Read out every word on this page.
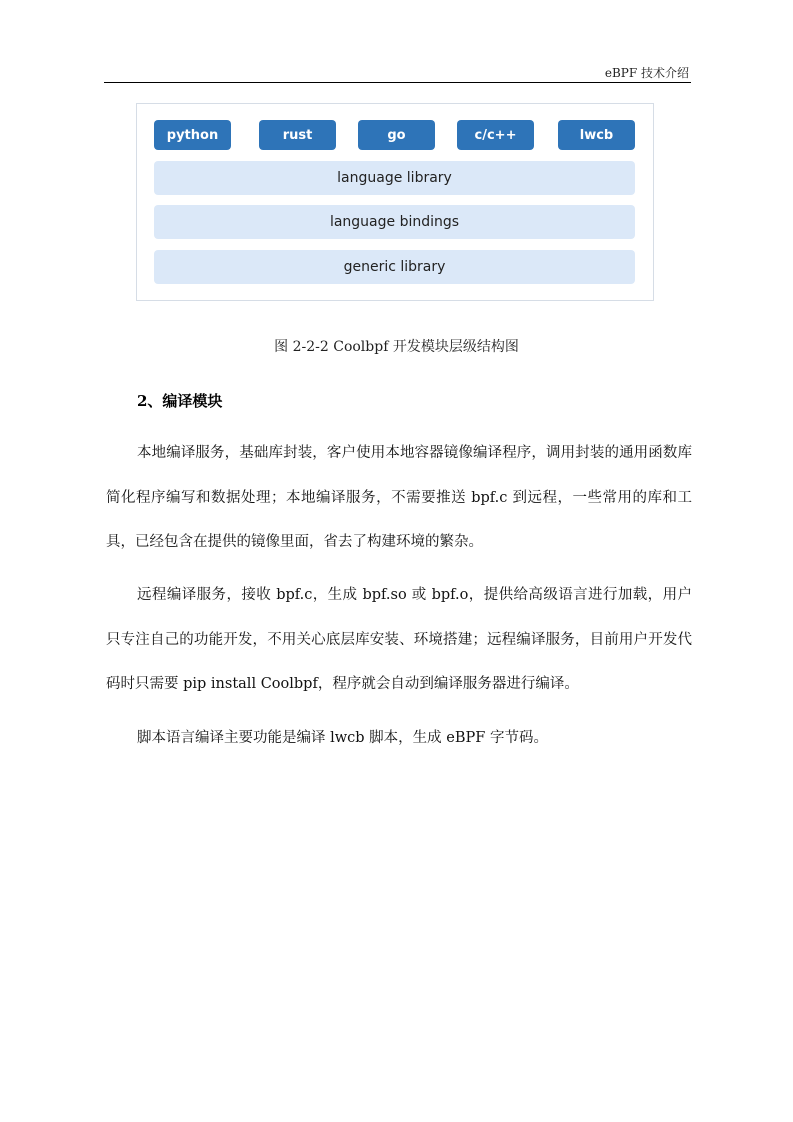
eBPF 技术介绍
python	rust	go	c/c++	lwcb
language library
language bindings
generic library
图 2-2-2 Coolbpf 开发模块层级结构图
2、编译模块

本地编译服务，基础库封装，客户使用本地容器镜像编译程序，调用封装的通用函数库简化程序编写和数据处理；本地编译服务，不需要推送 bpf.c 到远程，一些常用的库和工具，已经包含在提供的镜像里面，省去了构建环境的繁杂。

远程编译服务，接收 bpf.c，生成 bpf.so 或 bpf.o，提供给高级语言进行加载，用户只专注自己的功能开发，不用关心底层库安装、环境搭建；远程编译服务，目前用户开发代码时只需要 pip install Coolbpf，程序就会自动到编译服务器进行编译。

脚本语言编译主要功能是编译 lwcb 脚本，生成 eBPF 字节码。
